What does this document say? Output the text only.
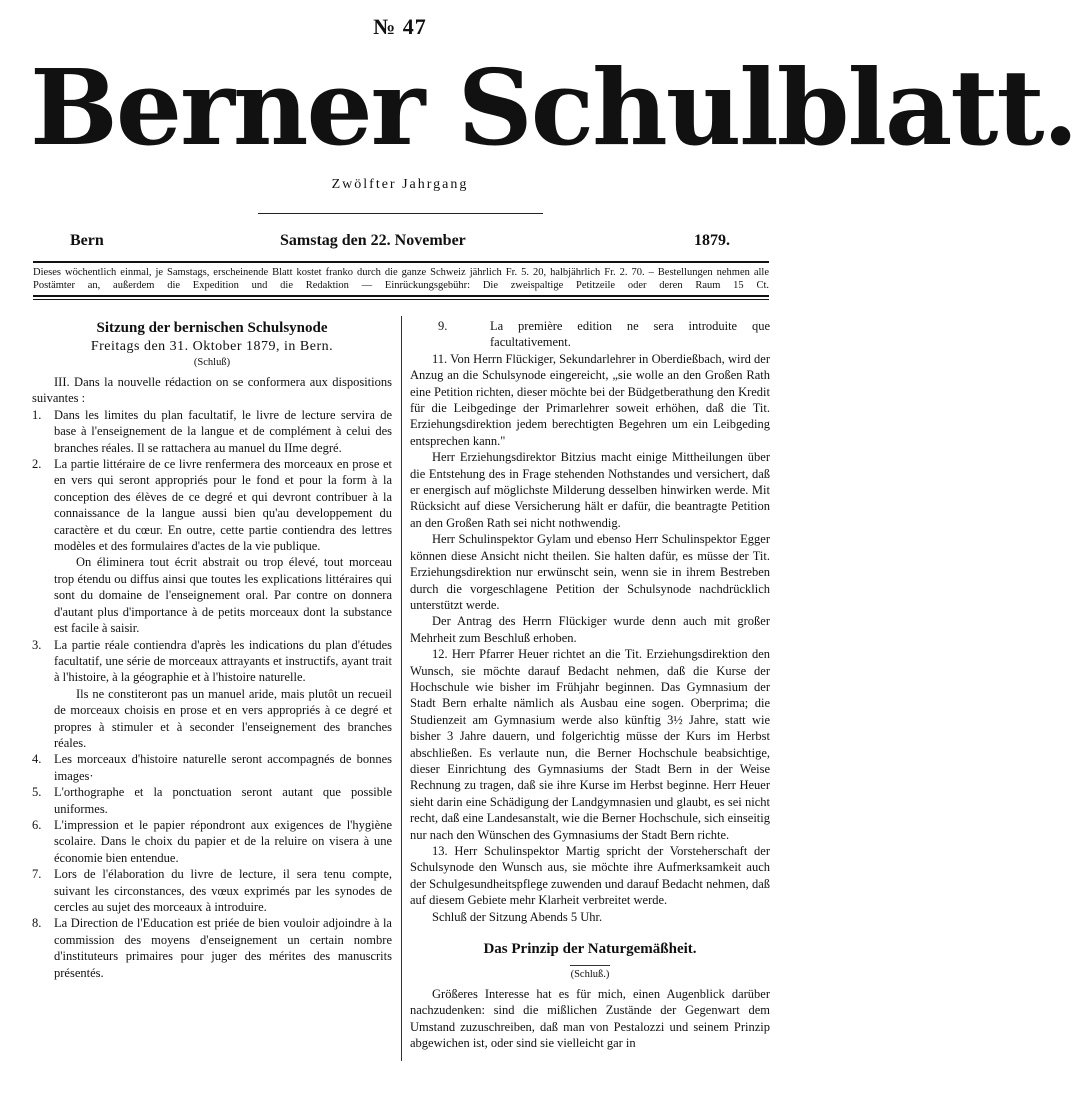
№ 47
Berner Schulblatt.
Zwölfter Jahrgang
Bern	Samstag den 22. November	1879.
Dieses wöchentlich einmal, je Samstags, erscheinende Blatt kostet franko durch die ganze Schweiz jährlich Fr. 5. 20, halbjährlich Fr. 2. 70. – Bestellungen nehmen alle Postämter an, außerdem die Expedition und die Redaktion — Einrückungsgebühr: Die zweispaltige Petitzeile oder deren Raum 15 Ct.
Sitzung der bernischen Schulsynode
Freitags den 31. Oktober 1879, in Bern.
(Schluß)

III. Dans la nouvelle rédaction on se conformera aux dispositions suivantes :

1.	Dans les limites du plan facultatif, le livre de lecture servira de base à l'enseignement de la langue et de complément à celui des branches réales. Il se rattachera au manuel du IIme degré.
2.	La partie littéraire de ce livre renfermera des morceaux en prose et en vers qui seront appropriés pour le fond et pour la form à la conception des élèves de ce degré et qui devront contribuer à la connaissance de la langue aussi bien qu'au developpement du caractère et du cœur. En outre, cette partie contiendra des lettres modèles et des formulaires d'actes de la vie publique.

On éliminera tout écrit abstrait ou trop élevé, tout morceau trop étendu ou diffus ainsi que toutes les explications littéraires qui sont du domaine de l'enseignement oral. Par contre on donnera d'autant plus d'importance à de petits morceaux dont la substance est facile à saisir.

3.	La partie réale contiendra d'après les indications du plan d'études facultatif, une série de morceaux attrayants et instructifs, ayant trait à l'histoire, à la géographie et à l'histoire naturelle.

Ils ne constiteront pas un manuel aride, mais plutôt un recueil de morceaux choisis en prose et en vers appropriés à ce degré et propres à stimuler et à seconder l'enseignement des branches réales.

4.	Les morceaux d'histoire naturelle seront accompagnés de bonnes images·
5.	L'orthographe et la ponctuation seront autant que possible uniformes.
6.	L'impression et le papier répondront aux exigences de l'hygiène scolaire. Dans le choix du papier et de la reluire on visera à une économie bien entendue.
7.	Lors de l'élaboration du livre de lecture, il sera tenu compte, suivant les circonstances, des vœux exprimés par les synodes de cercles au sujet des morceaux à introduire.
8.	La Direction de l'Education est priée de bien vouloir adjoindre à la commission des moyens d'enseignement un certain nombre d'instituteurs primaires pour juger des mérites des manuscrits présentés.
9.	La première edition ne sera introduite que facultativement.

11. Von Herrn Flückiger, Sekundarlehrer in Oberdießbach, wird der Anzug an die Schulsynode eingereicht, „sie wolle an den Großen Rath eine Petition richten, dieser möchte bei der Büdgetberathung den Kredit für die Leibgedinge der Primarlehrer soweit erhöhen, daß die Tit. Erziehungsdirektion jedem berechtigten Begehren um ein Leibgeding entsprechen kann."

Herr Erziehungsdirektor Bitzius macht einige Mittheilungen über die Entstehung des in Frage stehenden Nothstandes und versichert, daß er energisch auf möglichste Milderung desselben hinwirken werde. Mit Rücksicht auf diese Versicherung hält er dafür, die beantragte Petition an den Großen Rath sei nicht nothwendig.

Herr Schulinspektor Gylam und ebenso Herr Schulinspektor Egger können diese Ansicht nicht theilen. Sie halten dafür, es müsse der Tit. Erziehungsdirektion nur erwünscht sein, wenn sie in ihrem Bestreben durch die vorgeschlagene Petition der Schulsynode nachdrücklich unterstützt werde.

Der Antrag des Herrn Flückiger wurde denn auch mit großer Mehrheit zum Beschluß erhoben.

12. Herr Pfarrer Heuer richtet an die Tit. Erziehungsdirektion den Wunsch, sie möchte darauf Bedacht nehmen, daß die Kurse der Hochschule wie bisher im Frühjahr beginnen. Das Gymnasium der Stadt Bern erhalte nämlich als Ausbau eine sogen. Oberprima; die Studienzeit am Gymnasium werde also künftig 3½ Jahre, statt wie bisher 3 Jahre dauern, und folgerichtig müsse der Kurs im Herbst abschließen. Es verlaute nun, die Berner Hochschule beabsichtige, dieser Einrichtung des Gymnasiums der Stadt Bern in der Weise Rechnung zu tragen, daß sie ihre Kurse im Herbst beginne. Herr Heuer sieht darin eine Schädigung der Landgymnasien und glaubt, es sei nicht recht, daß eine Landesanstalt, wie die Berner Hochschule, sich einseitig nur nach den Wünschen des Gymnasiums der Stadt Bern richte.

13. Herr Schulinspektor Martig spricht der Vorsteherschaft der Schulsynode den Wunsch aus, sie möchte ihre Aufmerksamkeit auch der Schulgesundheitspflege zuwenden und darauf Bedacht nehmen, daß auf diesem Gebiete mehr Klarheit verbreitet werde.

Schluß der Sitzung Abends 5 Uhr.

Das Prinzip der Naturgemäßheit.
(Schluß.)

Größeres Interesse hat es für mich, einen Augenblick darüber nachzudenken: sind die mißlichen Zustände der Gegenwart dem Umstand zuzuschreiben, daß man von Pestalozzi und seinem Prinzip abgewichen ist, oder sind sie vielleicht gar in
